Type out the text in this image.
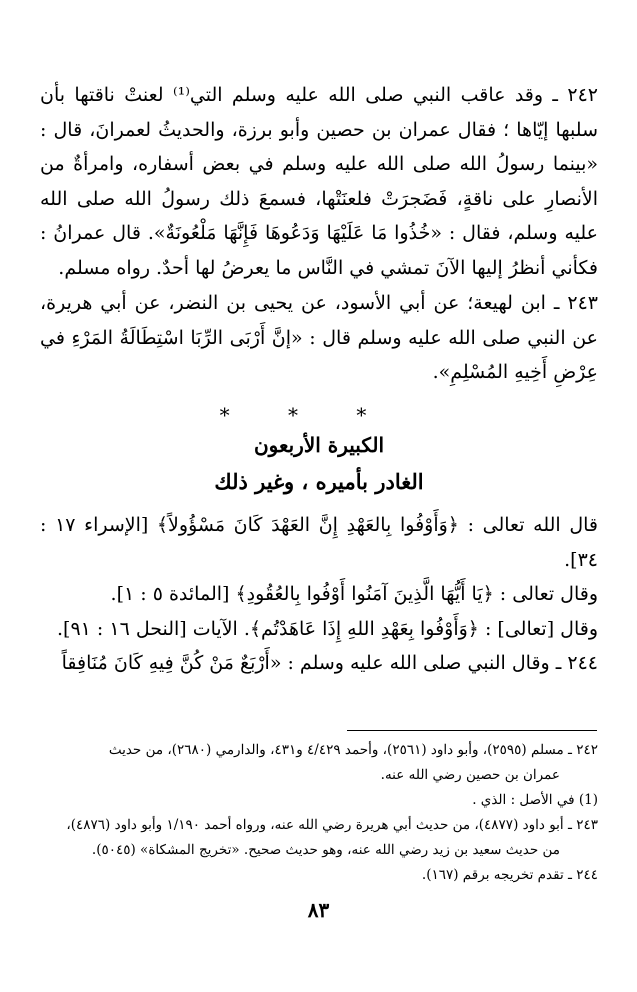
٢٤٢ ـ وقد عاقب النبي صلى الله عليه وسلم التي⁽¹⁾ لعنتْ ناقتها بأن سلبها إيّاها ؛ فقال عمران بن حصين وأبو برزة، والحديثُ لعمرانَ، قال : «بينما رسولُ الله صلى الله عليه وسلم في بعض أسفاره، وامرأةٌ من الأنصارِ على ناقةٍ، فَضَجرَتْ فلعنَتْها، فسمعَ ذلك رسولُ الله صلى الله عليه وسلم، فقال : «خُذُوا مَا عَلَيْهَا وَدَعُوهَا فَإِنَّهَا مَلْعُونَةٌ». قال عمرانُ : فكأني أنظرُ إليها الآنَ تمشي في النَّاس ما يعرضُ لها أحدٌ. رواه مسلم.

٢٤٣ ـ ابن لهيعة؛ عن أبي الأسود، عن يحيى بن النضر، عن أبي هريرة، عن النبي صلى الله عليه وسلم قال : «إنَّ أَرْبَى الرِّبَا اسْتِطَالَةُ المَرْءِ في عِرْضِ أَخِيهِ المُسْلِمِ».

* * *
الكبيرة الأربعون
الغادر بأميره ، وغير ذلك

قال الله تعالى : ﴿وَأَوْفُوا بِالعَهْدِ إِنَّ العَهْدَ كَانَ مَسْؤُولاً﴾ [الإسراء ١٧ : ٣٤].

وقال تعالى : ﴿يَا أَيُّهَا الَّذِينَ آمَنُوا أَوْفُوا بِالعُقُودِ﴾ [المائدة ٥ : ١].

وقال [تعالى] : ﴿وَأَوْفُوا بِعَهْدِ اللهِ إِذَا عَاهَدْتُم﴾. الآيات [النحل ١٦ : ٩١].

٢٤٤ ـ وقال النبي صلى الله عليه وسلم : «أَرْبَعٌ مَنْ كُنَّ فِيهِ كَانَ مُنَافِقاً

٢٤٢ ـ مسلم (٢٥٩٥)، وأبو داود (٢٥٦١)، وأحمد ٤/٤٢٩ و٤٣١، والدارمي (٢٦٨٠)، من حديث

عمران بن حصين رضي الله عنه.

(1) في الأصل : الذي .

٢٤٣ ـ أبو داود (٤٨٧٧)، من حديث أبي هريرة رضي الله عنه، ورواه أحمد ١/١٩٠ وأبو داود (٤٨٧٦)،

من حديث سعيد بن زيد رضي الله عنه، وهو حديث صحيح. «تخريج المشكاة» (٥٠٤٥).

٢٤٤ ـ تقدم تخريجه برقم (١٦٧).

٨٣
